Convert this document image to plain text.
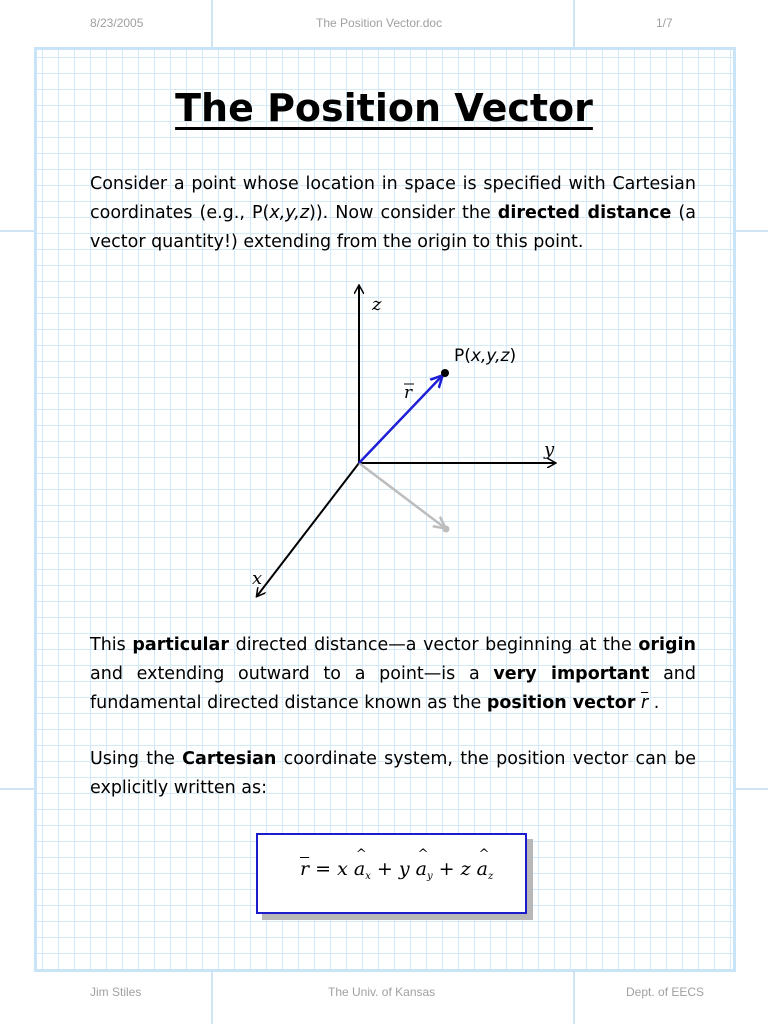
8/23/2005	The Position Vector.doc	1/7
The Position Vector
Consider a point whose location in space is specified with Cartesian coordinates (e.g., P(x,y,z)). Now consider the directed distance (a vector quantity!) extending from the origin to this point.
z
y
x
P(x,y,z)
r
This particular directed distance—a vector beginning at the origin and extending outward to a point—is a very important and fundamental directed distance known as the position vector $\overline{r}$ .
Using the Cartesian coordinate system, the position vector can be explicitly written as:
$\overline{r} = x$ ^ $a_x + y$ ^ $a_y + z$ ^ $a_z$
Jim Stiles	The Univ. of Kansas	Dept. of EECS
